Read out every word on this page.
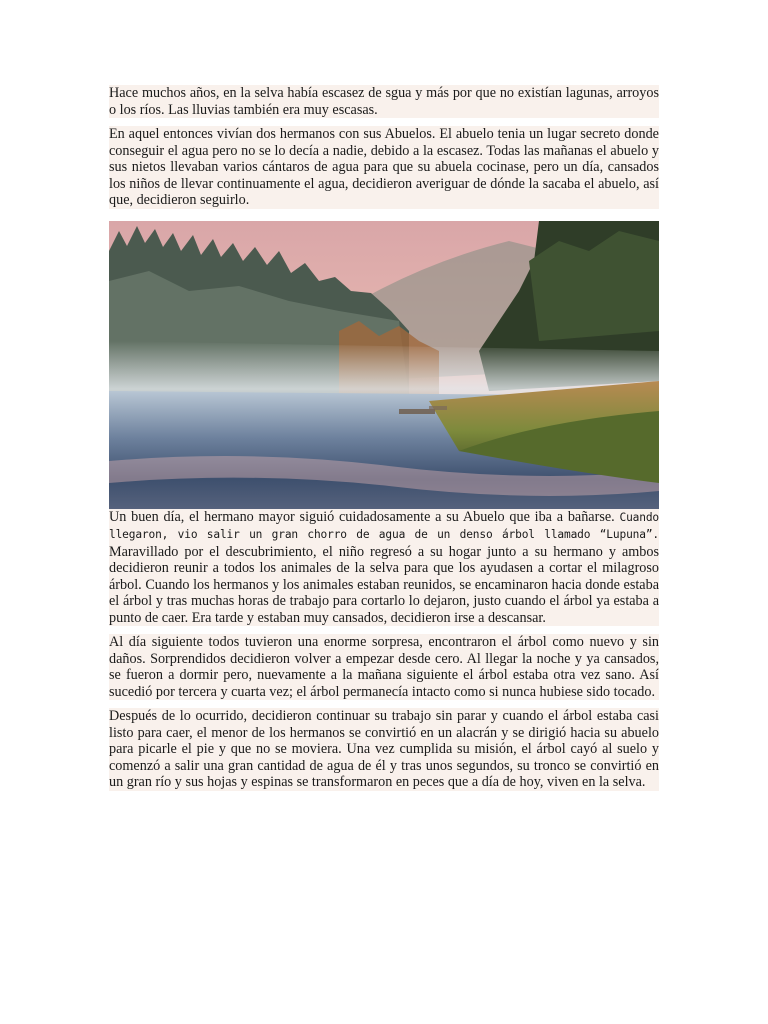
Hace muchos años, en la selva había escasez de sgua y más por que no existían lagunas, arroyos o los ríos. Las lluvias también era muy escasas.

En aquel entonces vivían dos hermanos con sus Abuelos. El abuelo tenia un lugar secreto donde conseguir el agua pero no se lo decía a nadie, debido a la escasez. Todas las mañanas el abuelo y sus nietos llevaban varios cántaros de agua para que su abuela cocinase, pero un día, cansados los niños de llevar continuamente el agua, decidieron averiguar de dónde la sacaba el abuelo, así que, decidieron seguirlo.

Un buen día, el hermano mayor siguió cuidadosamente a su Abuelo que iba a bañarse. Cuando llegaron, vio salir un gran chorro de agua de un denso árbol llamado “Lupuna”. Maravillado por el descubrimiento, el niño regresó a su hogar junto a su hermano y ambos decidieron reunir a todos los animales de la selva para que los ayudasen a cortar el milagroso árbol. Cuando los hermanos y los animales estaban reunidos, se encaminaron hacia donde estaba el árbol y tras muchas horas de trabajo para cortarlo lo dejaron, justo cuando el árbol ya estaba a punto de caer. Era tarde y estaban muy cansados, decidieron irse a descansar.

Al día siguiente todos tuvieron una enorme sorpresa, encontraron el árbol como nuevo y sin daños. Sorprendidos decidieron volver a empezar desde cero. Al llegar la noche y ya cansados, se fueron a dormir pero, nuevamente a la mañana siguiente el árbol estaba otra vez sano. Así sucedió por tercera y cuarta vez; el árbol permanecía intacto como si nunca hubiese sido tocado.

Después de lo ocurrido, decidieron continuar su trabajo sin parar y cuando el árbol estaba casi listo para caer, el menor de los hermanos se convirtió en un alacrán y se dirigió hacia su abuelo para picarle el pie y que no se moviera. Una vez cumplida su misión, el árbol cayó al suelo y comenzó a salir una gran cantidad de agua de él y tras unos segundos, su tronco se convirtió en un gran río y sus hojas y espinas se transformaron en peces que a día de hoy, viven en la selva.
